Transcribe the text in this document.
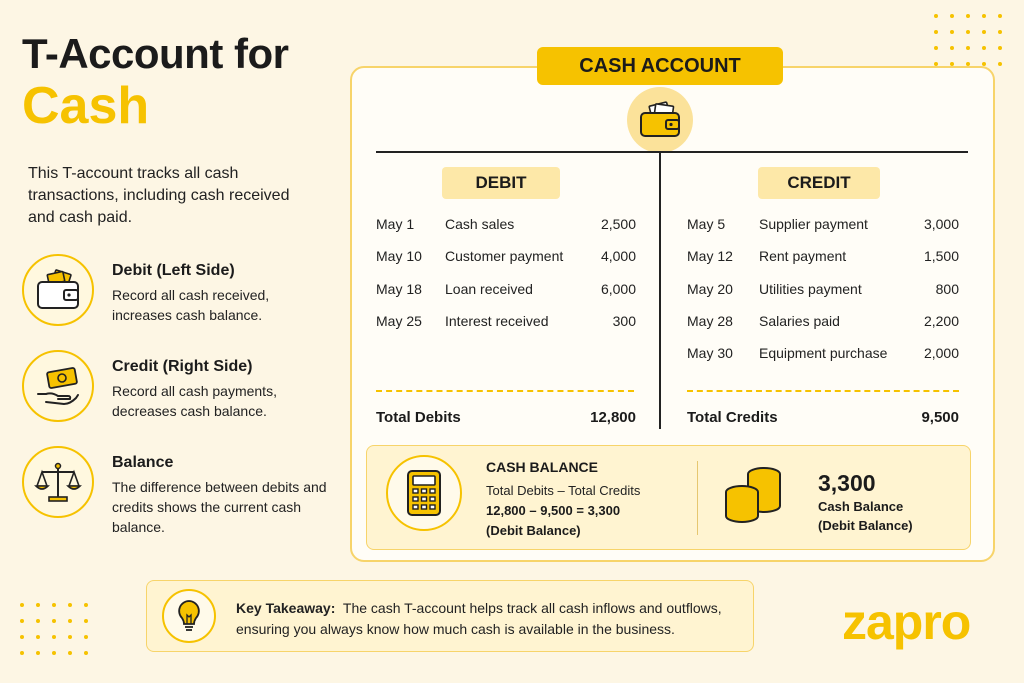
T-Account for
Cash
This T-account tracks all cash transactions, including cash received and cash paid.
Debit (Left Side)
Record all cash received, increases cash balance.
Credit (Right Side)
Record all cash payments, decreases cash balance.
Balance
The difference between debits and credits shows the current cash balance.
CASH ACCOUNT
DEBIT	CREDIT
May 1 Cash sales	2,500
May 10 Customer payment	4,000
May 18 Loan received	6,000
May 25 Interest received	300
May 5 Supplier payment	3,000
May 12 Rent payment	1,500
May 20 Utilities payment	800
May 28 Salaries paid	2,200
May 30 Equipment purchase	2,000
Total Debits	12,800	Total Credits	9,500
CASH BALANCE
Total Debits – Total Credits
12,800 – 9,500 = 3,300
(Debit Balance)
3,300
Cash Balance
(Debit Balance)
Key Takeaway: The cash T-account helps track all cash inflows and outflows, ensuring you always know how much cash is available in the business.	zapro
